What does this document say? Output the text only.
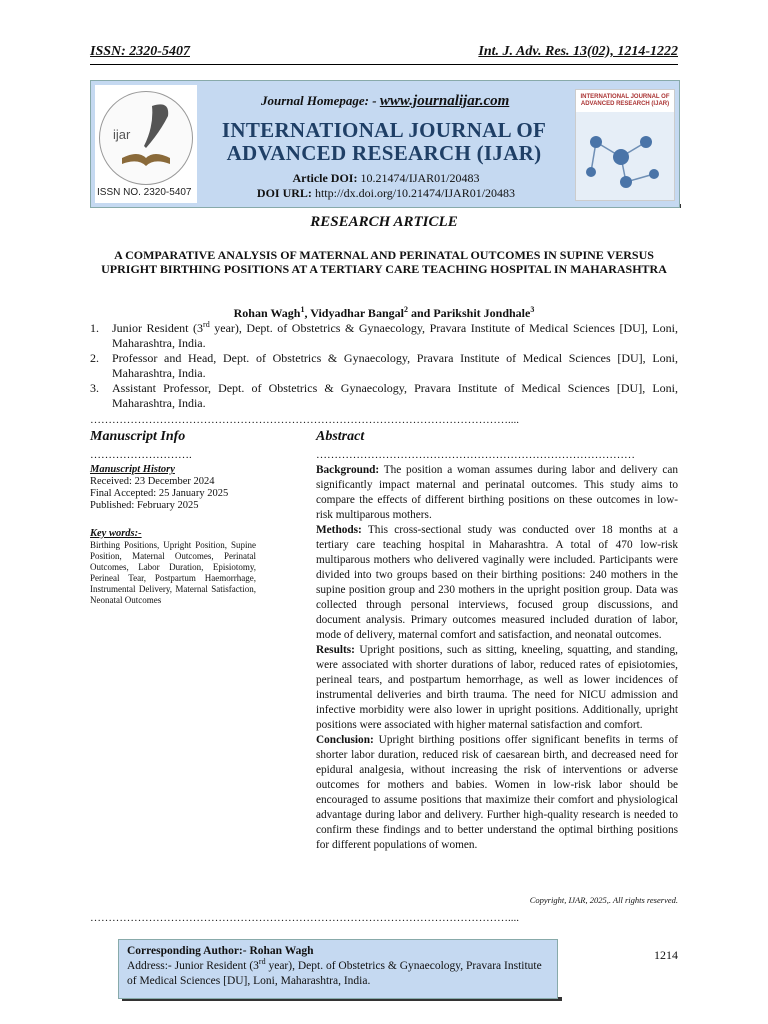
ISSN: 2320-5407	Int. J. Adv. Res. 13(02), 1214-1222
ijar
ISSN NO. 2320-5407
Journal Homepage: - www.journalijar.com
INTERNATIONAL JOURNAL OF
ADVANCED RESEARCH (IJAR)
Article DOI: 10.21474/IJAR01/20483
DOI URL: http://dx.doi.org/10.21474/IJAR01/20483
INTERNATIONAL JOURNAL OF ADVANCED RESEARCH (IJAR)
RESEARCH ARTICLE
A COMPARATIVE ANALYSIS OF MATERNAL AND PERINATAL OUTCOMES IN SUPINE VERSUS UPRIGHT BIRTHING POSITIONS AT A TERTIARY CARE TEACHING HOSPITAL IN MAHARASHTRA
Rohan Wagh$^1$, Vidyadhar Bangal$^2$ and Parikshit Jondhale$^3$
1.	Junior Resident (3rd year), Dept. of Obstetrics & Gynaecology, Pravara Institute of Medical Sciences [DU], Loni, Maharashtra, India.
2.	Professor and Head, Dept. of Obstetrics & Gynaecology, Pravara Institute of Medical Sciences [DU], Loni, Maharashtra, India.
3.	Assistant Professor, Dept. of Obstetrics & Gynaecology, Pravara Institute of Medical Sciences [DU], Loni, Maharashtra, India.
……………………………………………………………………………………………………....
Manuscript Info	Abstract
……………………….	……………………………………………………………………………
Manuscript History
Received: 23 December 2024
Final Accepted: 25 January 2025
Published: February 2025
Key words:-
Birthing Positions, Upright Position, Supine Position, Maternal Outcomes, Perinatal Outcomes, Labor Duration, Episiotomy, Perineal Tear, Postpartum Haemorrhage, Instrumental Delivery, Maternal Satisfaction, Neonatal Outcomes

Background: The position a woman assumes during labor and delivery can significantly impact maternal and perinatal outcomes. This study aims to compare the effects of different birthing positions on these outcomes in low-risk multiparous mothers.

Methods: This cross-sectional study was conducted over 18 months at a tertiary care teaching hospital in Maharashtra. A total of 470 low-risk multiparous mothers who delivered vaginally were included. Participants were divided into two groups based on their birthing positions: 240 mothers in the supine position group and 230 mothers in the upright position group. Data was collected through personal interviews, focused group discussions, and document analysis. Primary outcomes measured included duration of labor, mode of delivery, maternal comfort and satisfaction, and neonatal outcomes.

Results: Upright positions, such as sitting, kneeling, squatting, and standing, were associated with shorter durations of labor, reduced rates of episiotomies, perineal tears, and postpartum hemorrhage, as well as lower incidences of instrumental deliveries and birth trauma. The need for NICU admission and infective morbidity were also lower in upright positions. Additionally, upright positions were associated with higher maternal satisfaction and comfort.

Conclusion: Upright birthing positions offer significant benefits in terms of shorter labor duration, reduced risk of caesarean birth, and decreased need for epidural analgesia, without increasing the risk of interventions or adverse outcomes for mothers and babies. Women in low-risk labor should be encouraged to assume positions that maximize their comfort and physiological advantage during labor and delivery. Further high-quality research is needed to confirm these findings and to better understand the optimal birthing positions for different populations of women.

Copyright, IJAR, 2025,. All rights reserved.
……………………………………………………………………………………………………....
Corresponding Author:- Rohan Wagh
Address:- Junior Resident (3rd year), Dept. of Obstetrics & Gynaecology, Pravara Institute of Medical Sciences [DU], Loni, Maharashtra, India.
1214
